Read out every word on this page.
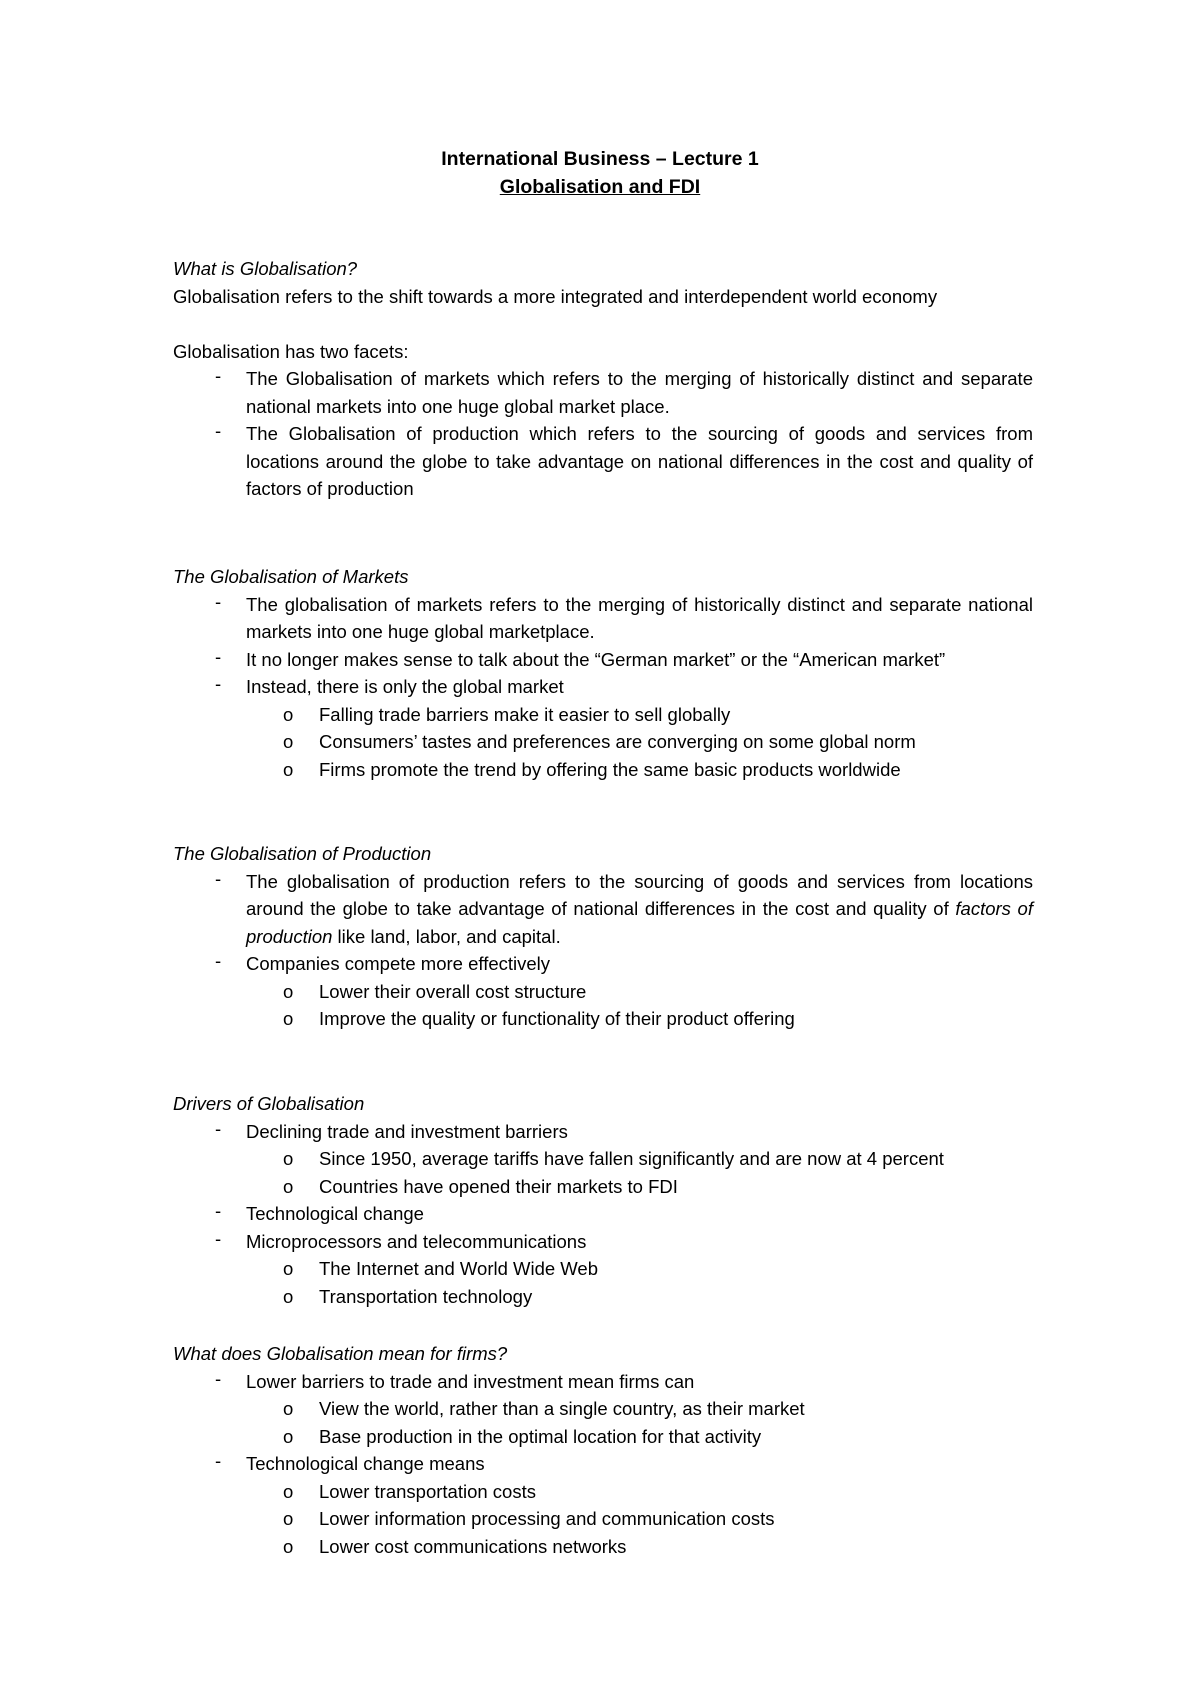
International Business – Lecture 1
Globalisation and FDI
What is Globalisation?
Globalisation refers to the shift towards a more integrated and interdependent world economy
Globalisation has two facets:
- The Globalisation of markets which refers to the merging of historically distinct and separate national markets into one huge global market place.
- The Globalisation of production which refers to the sourcing of goods and services from locations around the globe to take advantage on national differences in the cost and quality of factors of production
The Globalisation of Markets
- The globalisation of markets refers to the merging of historically distinct and separate national markets into one huge global marketplace.
- It no longer makes sense to talk about the “German market” or the “American market”
- Instead, there is only the global market
o Falling trade barriers make it easier to sell globally
o Consumers’ tastes and preferences are converging on some global norm
o Firms promote the trend by offering the same basic products worldwide
The Globalisation of Production
- The globalisation of production refers to the sourcing of goods and services from locations around the globe to take advantage of national differences in the cost and quality of factors of production like land, labor, and capital.
- Companies compete more effectively
o Lower their overall cost structure
o Improve the quality or functionality of their product offering
Drivers of Globalisation
- Declining trade and investment barriers
o Since 1950, average tariffs have fallen significantly and are now at 4 percent
o Countries have opened their markets to FDI
- Technological change
- Microprocessors and telecommunications
o The Internet and World Wide Web
o Transportation technology
What does Globalisation mean for firms?
- Lower barriers to trade and investment mean firms can
o View the world, rather than a single country, as their market
o Base production in the optimal location for that activity
- Technological change means
o Lower transportation costs
o Lower information processing and communication costs
o Lower cost communications networks
